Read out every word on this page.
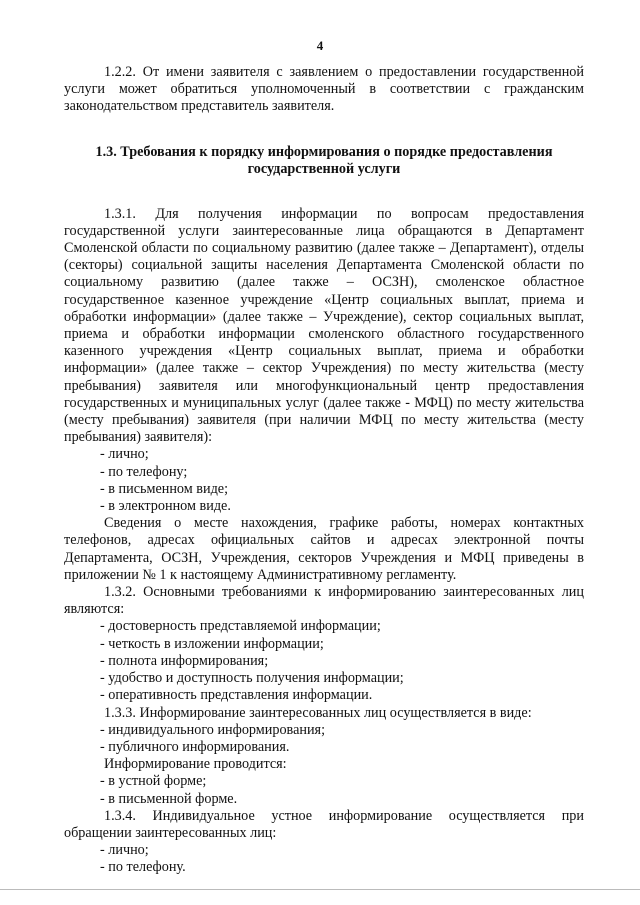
4

1.2.2. От имени заявителя с заявлением о предоставлении государственной услуги может обратиться уполномоченный в соответствии с гражданским законодательством представитель заявителя.

1.3. Требования к порядку информирования о порядке предоставления
государственной услуги

1.3.1. Для получения информации по вопросам предоставления государственной услуги заинтересованные лица обращаются в Департамент Смоленской области по социальному развитию (далее также – Департамент), отделы (секторы) социальной защиты населения Департамента Смоленской области по социальному развитию (далее также – ОСЗН), смоленское областное государственное казенное учреждение «Центр социальных выплат, приема и обработки информации» (далее также – Учреждение), сектор социальных выплат, приема и обработки информации смоленского областного государственного казенного учреждения «Центр социальных выплат, приема и обработки информации» (далее также – сектор Учреждения) по месту жительства (месту пребывания) заявителя или многофункциональный центр предоставления государственных и муниципальных услуг (далее также - МФЦ) по месту жительства (месту пребывания) заявителя (при наличии МФЦ по месту жительства (месту пребывания) заявителя):

- лично;

- по телефону;

- в письменном виде;

- в электронном виде.

Сведения о месте нахождения, графике работы, номерах контактных телефонов, адресах официальных сайтов и адресах электронной почты Департамента, ОСЗН, Учреждения, секторов Учреждения и МФЦ приведены в приложении № 1 к настоящему Административному регламенту.

1.3.2. Основными требованиями к информированию заинтересованных лиц являются:

- достоверность представляемой информации;

- четкость в изложении информации;

- полнота информирования;

- удобство и доступность получения информации;

- оперативность представления информации.

1.3.3. Информирование заинтересованных лиц осуществляется в виде:

- индивидуального информирования;

- публичного информирования.

Информирование проводится:

- в устной форме;

- в письменной форме.

1.3.4. Индивидуальное устное информирование осуществляется при обращении заинтересованных лиц:

- лично;

- по телефону.
